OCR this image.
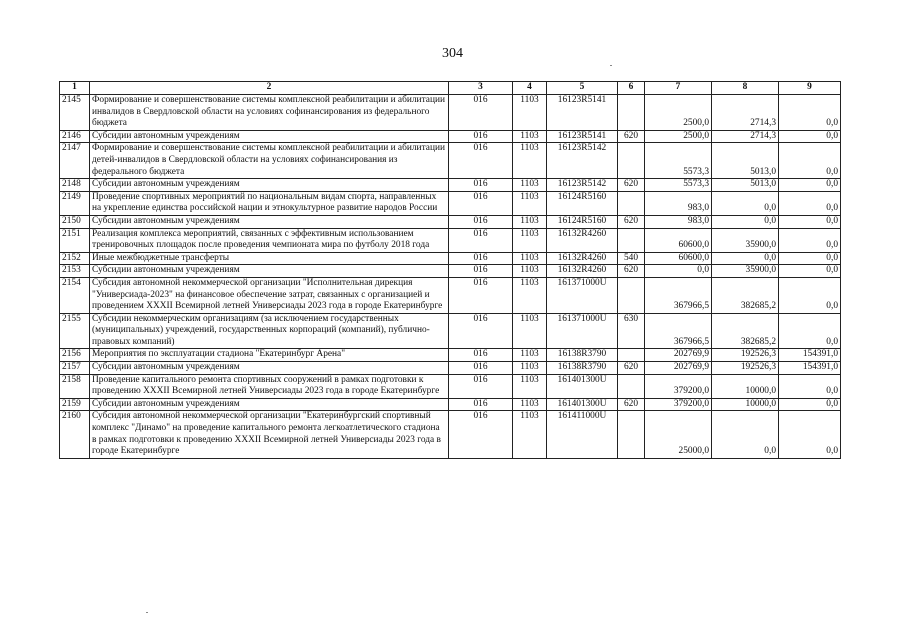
304
1	2	3	4	5	6	7	8	9
2145	Формирование и совершенствование системы комплексной реабилитации и абилитации инвалидов в Свердловской области на условиях софинансирования из федерального бюджета	016	1103	16123R5141		2500,0	2714,3	0,0
2146	Субсидии автономным учреждениям	016	1103	16123R5141	620	2500,0	2714,3	0,0
2147	Формирование и совершенствование системы комплексной реабилитации и абилитации детей-инвалидов в Свердловской области на условиях софинансирования из федерального бюджета	016	1103	16123R5142		5573,3	5013,0	0,0
2148	Субсидии автономным учреждениям	016	1103	16123R5142	620	5573,3	5013,0	0,0
2149	Проведение спортивных мероприятий по национальным видам спорта, направленных на укрепление единства российской нации и этнокультурное развитие народов России	016	1103	16124R5160		983,0	0,0	0,0
2150	Субсидии автономным учреждениям	016	1103	16124R5160	620	983,0	0,0	0,0
2151	Реализация комплекса мероприятий, связанных с эффективным использованием тренировочных площадок после проведения чемпионата мира по футболу 2018 года	016	1103	16132R4260		60600,0	35900,0	0,0
2152	Иные межбюджетные трансферты	016	1103	16132R4260	540	60600,0	0,0	0,0
2153	Субсидии автономным учреждениям	016	1103	16132R4260	620	0,0	35900,0	0,0
2154	Субсидия автономной некоммерческой организации "Исполнительная дирекция "Универсиада-2023" на финансовое обеспечение затрат, связанных с организацией и проведением XXXII Всемирной летней Универсиады 2023 года в городе Екатеринбурге	016	1103	161371000U		367966,5	382685,2	0,0
2155	Субсидии некоммерческим организациям (за исключением государственных (муниципальных) учреждений, государственных корпораций (компаний), публично-правовых компаний)	016	1103	161371000U	630	367966,5	382685,2	0,0
2156	Мероприятия по эксплуатации стадиона "Екатеринбург Арена"	016	1103	16138R3790		202769,9	192526,3	154391,0
2157	Субсидии автономным учреждениям	016	1103	16138R3790	620	202769,9	192526,3	154391,0
2158	Проведение капитального ремонта спортивных сооружений в рамках подготовки к проведению XXXII Всемирной летней Универсиады 2023 года в городе Екатеринбурге	016	1103	161401300U		379200,0	10000,0	0,0
2159	Субсидии автономным учреждениям	016	1103	161401300U	620	379200,0	10000,0	0,0
2160	Субсидия автономной некоммерческой организации "Екатеринбургский спортивный комплекс "Динамо" на проведение капитального ремонта легкоатлетического стадиона в рамках подготовки к проведению XXXII Всемирной летней Универсиады 2023 года в городе Екатеринбурге	016	1103	161411000U		25000,0	0,0	0,0
